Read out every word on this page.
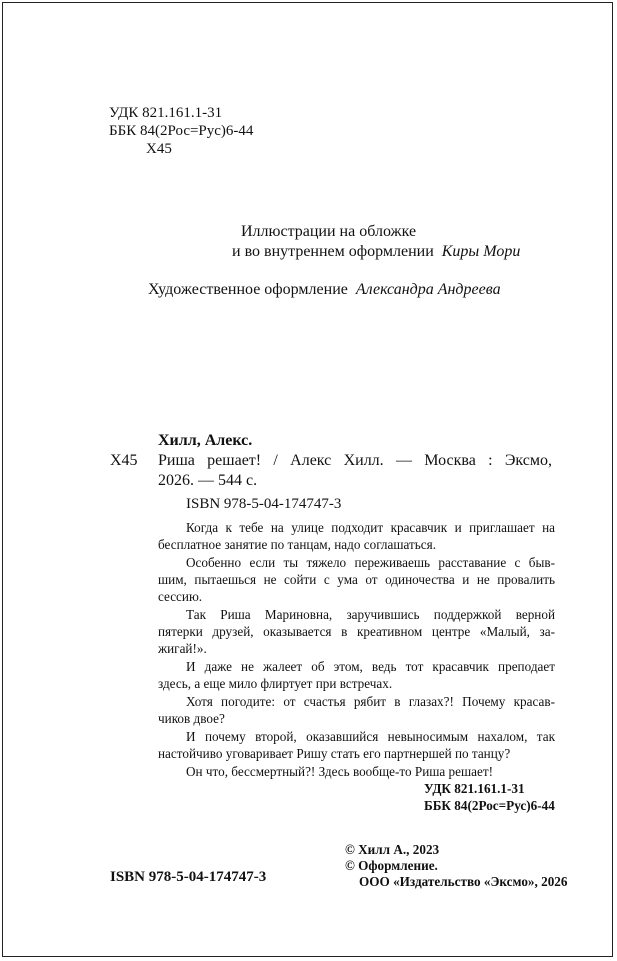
УДК 821.161.1-31
ББК 84(2Рос=Рус)6-44
Х45
Иллюстрации на обложке
и во внутреннем оформлении Киры Мори
Художественное оформление Александра Андреева
Хилл, Алекс.
Х45 Риша решает! / Алекс Хилл. — Москва : Эксмо,
2026. — 544 с.
ISBN 978-5-04-174747-3

Когда к тебе на улице подходит красавчик и приглашает на
бесплатное занятие по танцам, надо соглашаться.

Особенно если ты тяжело переживаешь расставание с быв-
шим, пытаешься не сойти с ума от одиночества и не провалить
сессию.

Так Риша Мариновна, заручившись поддержкой верной
пятерки друзей, оказывается в креативном центре «Малый, за-
жигай!».

И даже не жалеет об этом, ведь тот красавчик преподает
здесь, а еще мило флиртует при встречах.

Хотя погодите: от счастья рябит в глазах?! Почему красав-
чиков двое?

И почему второй, оказавшийся невыносимым нахалом, так
настойчиво уговаривает Ришу стать его партнершей по танцу?

Он что, бессмертный?! Здесь вообще-то Риша решает!

УДК 821.161.1-31
ББК 84(2Рос=Рус)6-44
ISBN 978-5-04-174747-3
© Хилл А., 2023
© Оформление.
ООО «Издательство «Эксмо», 2026
